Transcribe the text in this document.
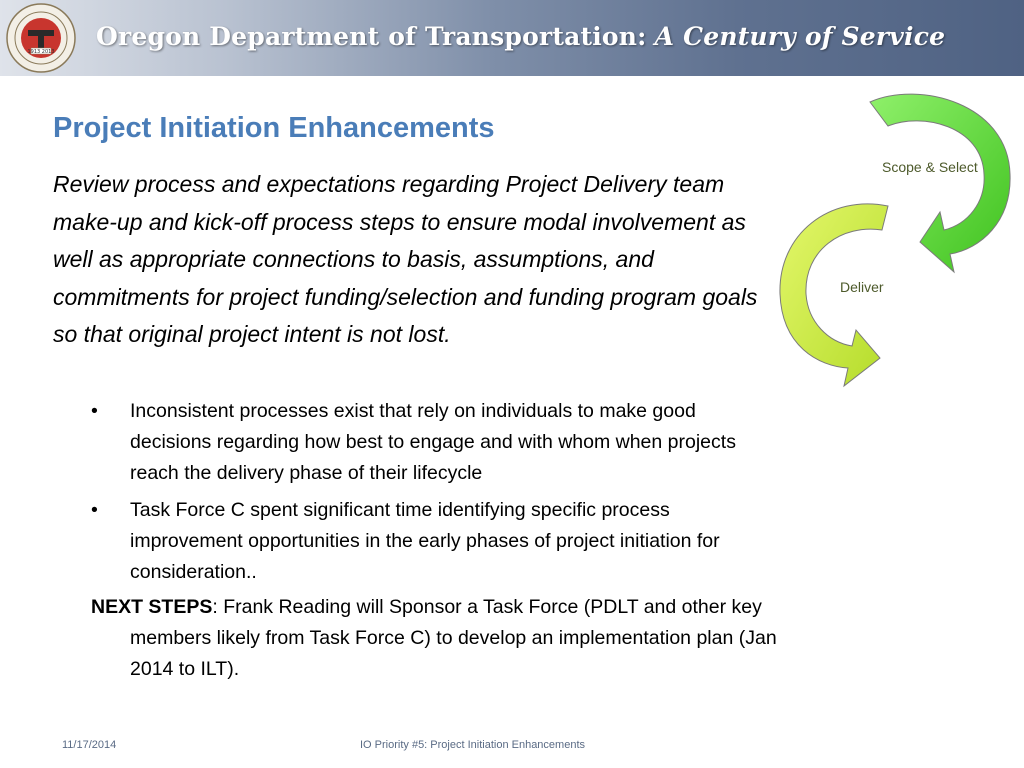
1913 2013
Oregon Department of Transportation: A Century of Service
Project Initiation Enhancements
Review process and expectations regarding Project Delivery team make-up and kick-off process steps to ensure modal involvement as well as appropriate connections to basis, assumptions, and commitments for project funding/selection and funding program goals so that original project intent is not lost.
•	Inconsistent processes exist that rely on individuals to make good decisions regarding how best to engage and with whom when projects reach the delivery phase of their lifecycle
•	Task Force C spent significant time identifying specific process improvement opportunities in the early phases of project initiation for consideration..
NEXT STEPS: Frank Reading will Sponsor a Task Force (PDLT and other key members likely from Task Force C) to develop an implementation plan (Jan 2014 to ILT).
Scope & Select
Deliver
11/17/2014	IO Priority #5: Project Initiation Enhancements
